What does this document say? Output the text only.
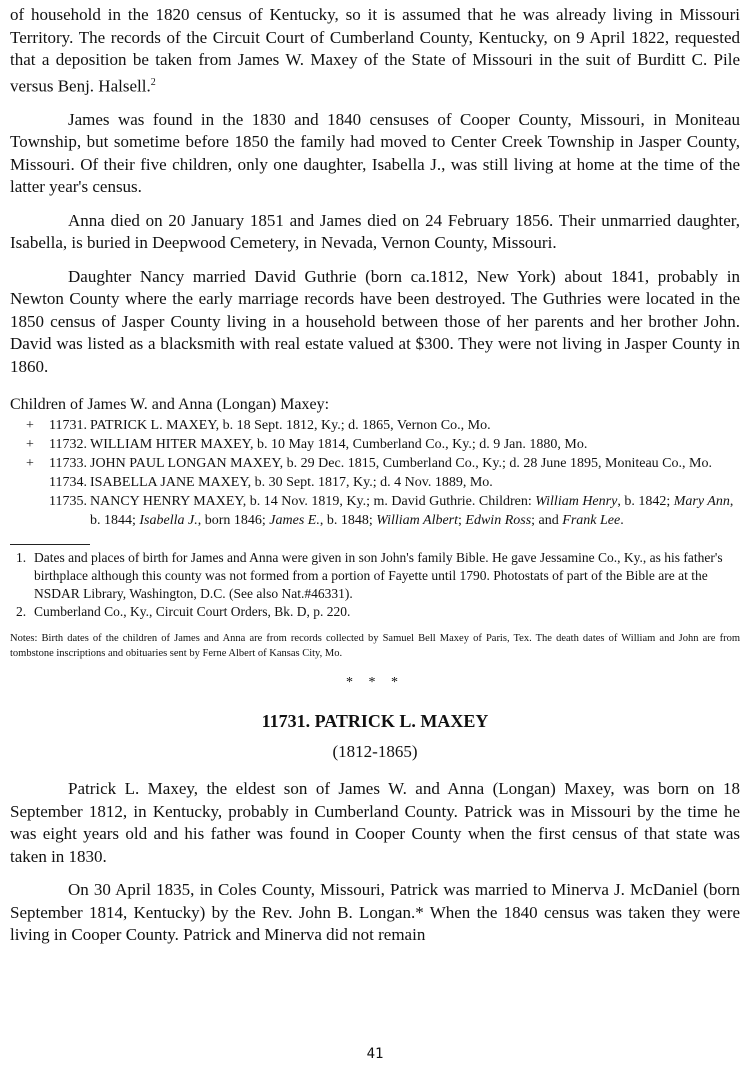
of household in the 1820 census of Kentucky, so it is assumed that he was already living in Missouri Territory. The records of the Circuit Court of Cumberland County, Kentucky, on 9 April 1822, requested that a deposition be taken from James W. Maxey of the State of Missouri in the suit of Burditt C. Pile versus Benj. Halsell.$^2$

James was found in the 1830 and 1840 censuses of Cooper County, Missouri, in Moniteau Township, but sometime before 1850 the family had moved to Center Creek Township in Jasper County, Missouri. Of their five children, only one daughter, Isabella J., was still living at home at the time of the latter year's census.

Anna died on 20 January 1851 and James died on 24 February 1856. Their unmarried daughter, Isabella, is buried in Deepwood Cemetery, in Nevada, Vernon County, Missouri.

Daughter Nancy married David Guthrie (born ca.1812, New York) about 1841, probably in Newton County where the early marriage records have been destroyed. The Guthries were located in the 1850 census of Jasper County living in a household between those of her parents and her brother John. David was listed as a blacksmith with real estate valued at $300. They were not living in Jasper County in 1860.

Children of James W. and Anna (Longan) Maxey:
+	11731. PATRICK L. MAXEY, b. 18 Sept. 1812, Ky.; d. 1865, Vernon Co., Mo.
+	11732. WILLIAM HITER MAXEY, b. 10 May 1814, Cumberland Co., Ky.; d. 9 Jan. 1880, Mo.
+	11733. JOHN PAUL LONGAN MAXEY, b. 29 Dec. 1815, Cumberland Co., Ky.; d. 28 June 1895, Moniteau Co., Mo.
11734. ISABELLA JANE MAXEY, b. 30 Sept. 1817, Ky.; d. 4 Nov. 1889, Mo.
11735. NANCY HENRY MAXEY, b. 14 Nov. 1819, Ky.; m. David Guthrie. Children: William Henry, b. 1842; Mary Ann, b. 1844; Isabella J., born 1846; James E., b. 1848; William Albert; Edwin Ross; and Frank Lee.
1. Dates and places of birth for James and Anna were given in son John's family Bible. He gave Jessamine Co., Ky., as his father's birthplace although this county was not formed from a portion of Fayette until 1790. Photostats of part of the Bible are at the NSDAR Library, Washington, D.C. (See also Nat.#46331).
2. Cumberland Co., Ky., Circuit Court Orders, Bk. D, p. 220.
Notes: Birth dates of the children of James and Anna are from records collected by Samuel Bell Maxey of Paris, Tex. The death dates of William and John are from tombstone inscriptions and obituaries sent by Ferne Albert of Kansas City, Mo.
* * *
11731. PATRICK L. MAXEY
(1812-1865)

Patrick L. Maxey, the eldest son of James W. and Anna (Longan) Maxey, was born on 18 September 1812, in Kentucky, probably in Cumberland County. Patrick was in Missouri by the time he was eight years old and his father was found in Cooper County when the first census of that state was taken in 1830.

On 30 April 1835, in Coles County, Missouri, Patrick was married to Minerva J. McDaniel (born September 1814, Kentucky) by the Rev. John B. Longan.* When the 1840 census was taken they were living in Cooper County. Patrick and Minerva did not remain

41
